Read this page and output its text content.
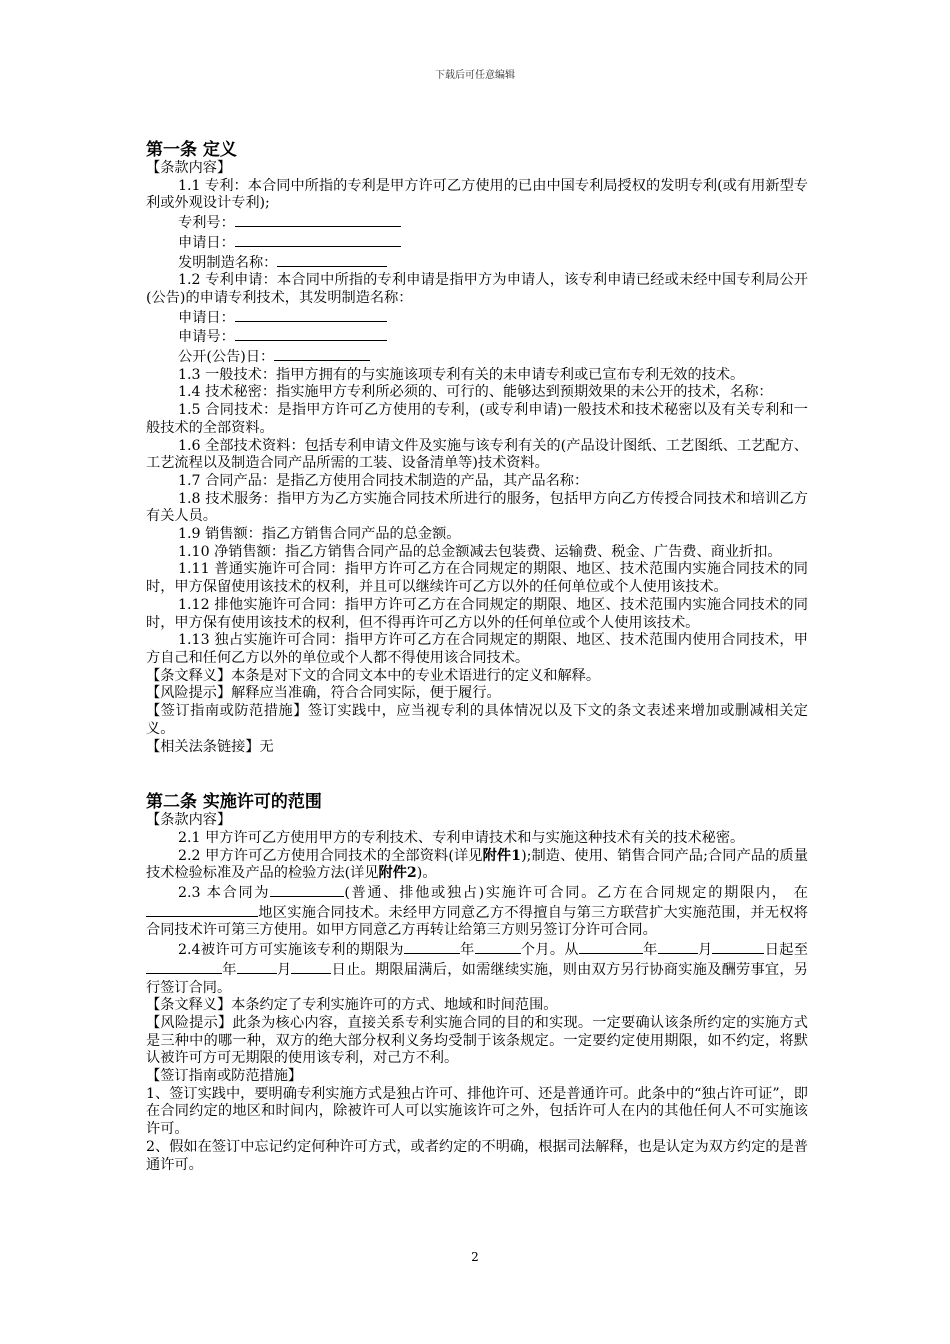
下载后可任意编辑

第一条 定义

【条款内容】

1.1 专利：本合同中所指的专利是甲方许可乙方使用的已由中国专利局授权的发明专利(或有用新型专利或外观设计专利);

专利号：

申请日：

发明制造名称：

1.2 专利申请：本合同中所指的专利申请是指甲方为申请人，该专利申请已经或未经中国专利局公开(公告)的申请专利技术，其发明制造名称：

申请日：

申请号：

公开(公告)日：

1.3 一般技术：指甲方拥有的与实施该项专利有关的未申请专利或已宣布专利无效的技术。

1.4 技术秘密：指实施甲方专利所必须的、可行的、能够达到预期效果的未公开的技术，名称：

1.5 合同技术：是指甲方许可乙方使用的专利，(或专利申请)一般技术和技术秘密以及有关专利和一般技术的全部资料。

1.6 全部技术资料：包括专利申请文件及实施与该专利有关的(产品设计图纸、工艺图纸、工艺配方、工艺流程以及制造合同产品所需的工装、设备清单等)技术资料。

1.7 合同产品：是指乙方使用合同技术制造的产品，其产品名称：

1.8 技术服务：指甲方为乙方实施合同技术所进行的服务，包括甲方向乙方传授合同技术和培训乙方有关人员。

1.9 销售额：指乙方销售合同产品的总金额。

1.10 净销售额：指乙方销售合同产品的总金额减去包装费、运输费、税金、广告费、商业折扣。

1.11 普通实施许可合同：指甲方许可乙方在合同规定的期限、地区、技术范围内实施合同技术的同时，甲方保留使用该技术的权利，并且可以继续许可乙方以外的任何单位或个人使用该技术。

1.12 排他实施许可合同：指甲方许可乙方在合同规定的期限、地区、技术范围内实施合同技术的同时，甲方保有使用该技术的权利，但不得再许可乙方以外的任何单位或个人使用该技术。

1.13 独占实施许可合同：指甲方许可乙方在合同规定的期限、地区、技术范围内使用合同技术，甲方自己和任何乙方以外的单位或个人都不得使用该合同技术。

【条文释义】本条是对下文的合同文本中的专业术语进行的定义和解释。

【风险提示】解释应当准确，符合合同实际，便于履行。

【签订指南或防范措施】签订实践中，应当视专利的具体情况以及下文的条文表述来增加或删减相关定义。

【相关法条链接】无

第二条 实施许可的范围

【条款内容】

2.1 甲方许可乙方使用甲方的专利技术、专利申请技术和与实施这种技术有关的技术秘密。

2.2 甲方许可乙方使用合同技术的全部资料(详见附件1);制造、使用、销售合同产品;合同产品的质量技术检验标准及产品的检验方法(详见附件2)。

2.3 本合同为	(普通、排他或独占)实施许可合同。乙方在合同规定的期限内， 在地区实施合同技术。未经甲方同意乙方不得擅自与第三方联营扩大实施范围，并无权将合同技术许可第三方使用。如甲方同意乙方再转让给第三方则另签订分许可合同。

2.4被许可方可实施该专利的期限为	年	个月。从	年	月	日起至年	月	日止。期限届满后，如需继续实施，则由双方另行协商实施及酬劳事宜，另行签订合同。

【条文释义】本条约定了专利实施许可的方式、地域和时间范围。

【风险提示】此条为核心内容，直接关系专利实施合同的目的和实现。一定要确认该条所约定的实施方式是三种中的哪一种，双方的绝大部分权利义务均受制于该条规定。一定要约定使用期限，如不约定，将默认被许可方可无期限的使用该专利，对己方不利。

【签订指南或防范措施】

1、签订实践中，要明确专利实施方式是独占许可、排他许可、还是普通许可。此条中的“独占许可证”，即在合同约定的地区和时间内，除被许可人可以实施该许可之外，包括许可人在内的其他任何人不可实施该许可。

2、假如在签订中忘记约定何种许可方式，或者约定的不明确，根据司法解释，也是认定为双方约定的是普通许可。

2
